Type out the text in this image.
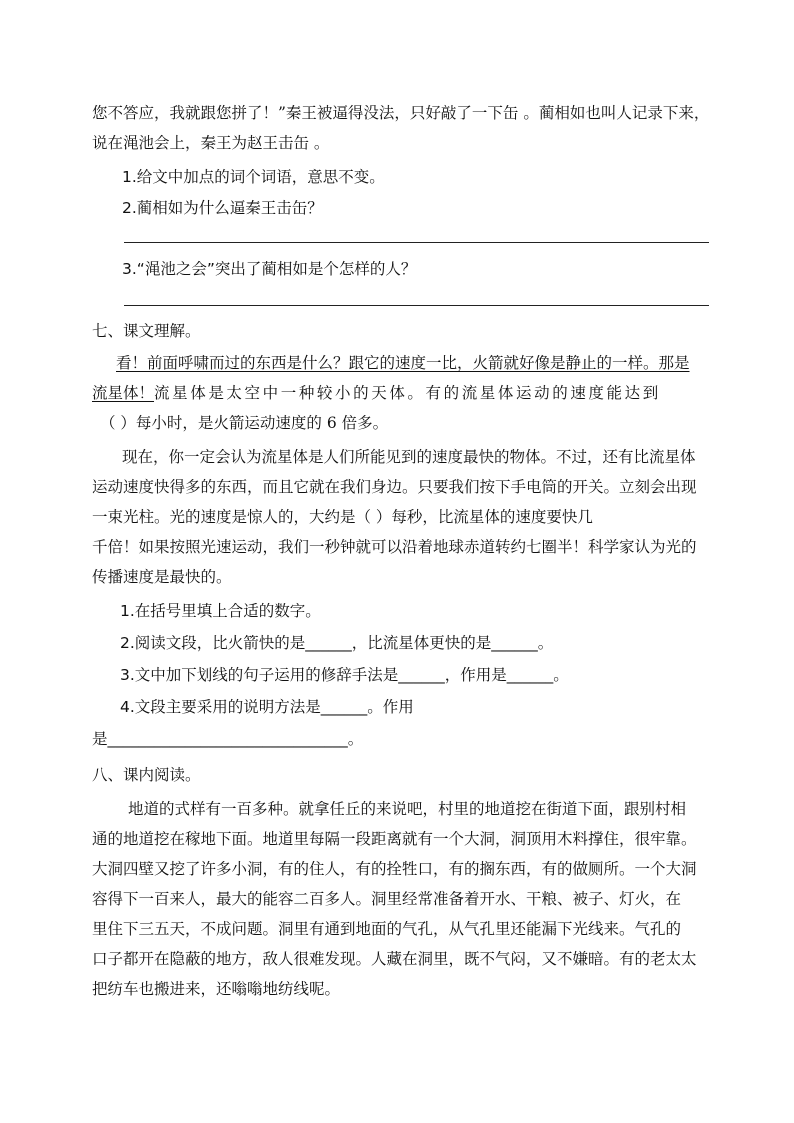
您不答应，我就跟您拼了！”秦王被逼得没法，只好敲了一下缶 。蔺相如也叫人记录下来，
说在渑池会上，秦王为赵王击缶 。
1.给文中加点的词个词语，意思不变。
2.蔺相如为什么逼秦王击缶？
3.“渑池之会”突出了蔺相如是个怎样的人？
七、课文理解。
看！前面呼啸而过的东西是什么？跟它的速度一比，火箭就好像是静止的一样。那是
流星体！流星体是太空中一种较小的天体。有的流星体运动的速度能达到
（ ）每小时，是火箭运动速度的 6 倍多。
现在，你一定会认为流星体是人们所能见到的速度最快的物体。不过，还有比流星体
运动速度快得多的东西，而且它就在我们身边。只要我们按下手电筒的开关。立刻会出现
一束光柱。光的速度是惊人的，大约是（ ）每秒，比流星体的速度要快几
千倍！如果按照光速运动，我们一秒钟就可以沿着地球赤道转约七圈半！科学家认为光的
传播速度是最快的。
1.在括号里填上合适的数字。
2.阅读文段，比火箭快的是______，比流星体更快的是______。
3.文中加下划线的句子运用的修辞手法是______，作用是______。
4.文段主要采用的说明方法是______。作用
是_______________________________。
八、课内阅读。
地道的式样有一百多种。就拿任丘的来说吧，村里的地道挖在街道下面，跟别村相
通的地道挖在稼地下面。地道里每隔一段距离就有一个大洞，洞顶用木料撑住，很牢靠。
大洞四壁又挖了许多小洞，有的住人，有的拴牲口，有的搁东西，有的做厕所。一个大洞
容得下一百来人，最大的能容二百多人。洞里经常准备着开水、干粮、被子、灯火，在
里住下三五天，不成问题。洞里有通到地面的气孔，从气孔里还能漏下光线来。气孔的
口子都开在隐蔽的地方，敌人很难发现。人藏在洞里，既不气闷，又不嫌暗。有的老太太
把纺车也搬进来，还嗡嗡地纺线呢。
